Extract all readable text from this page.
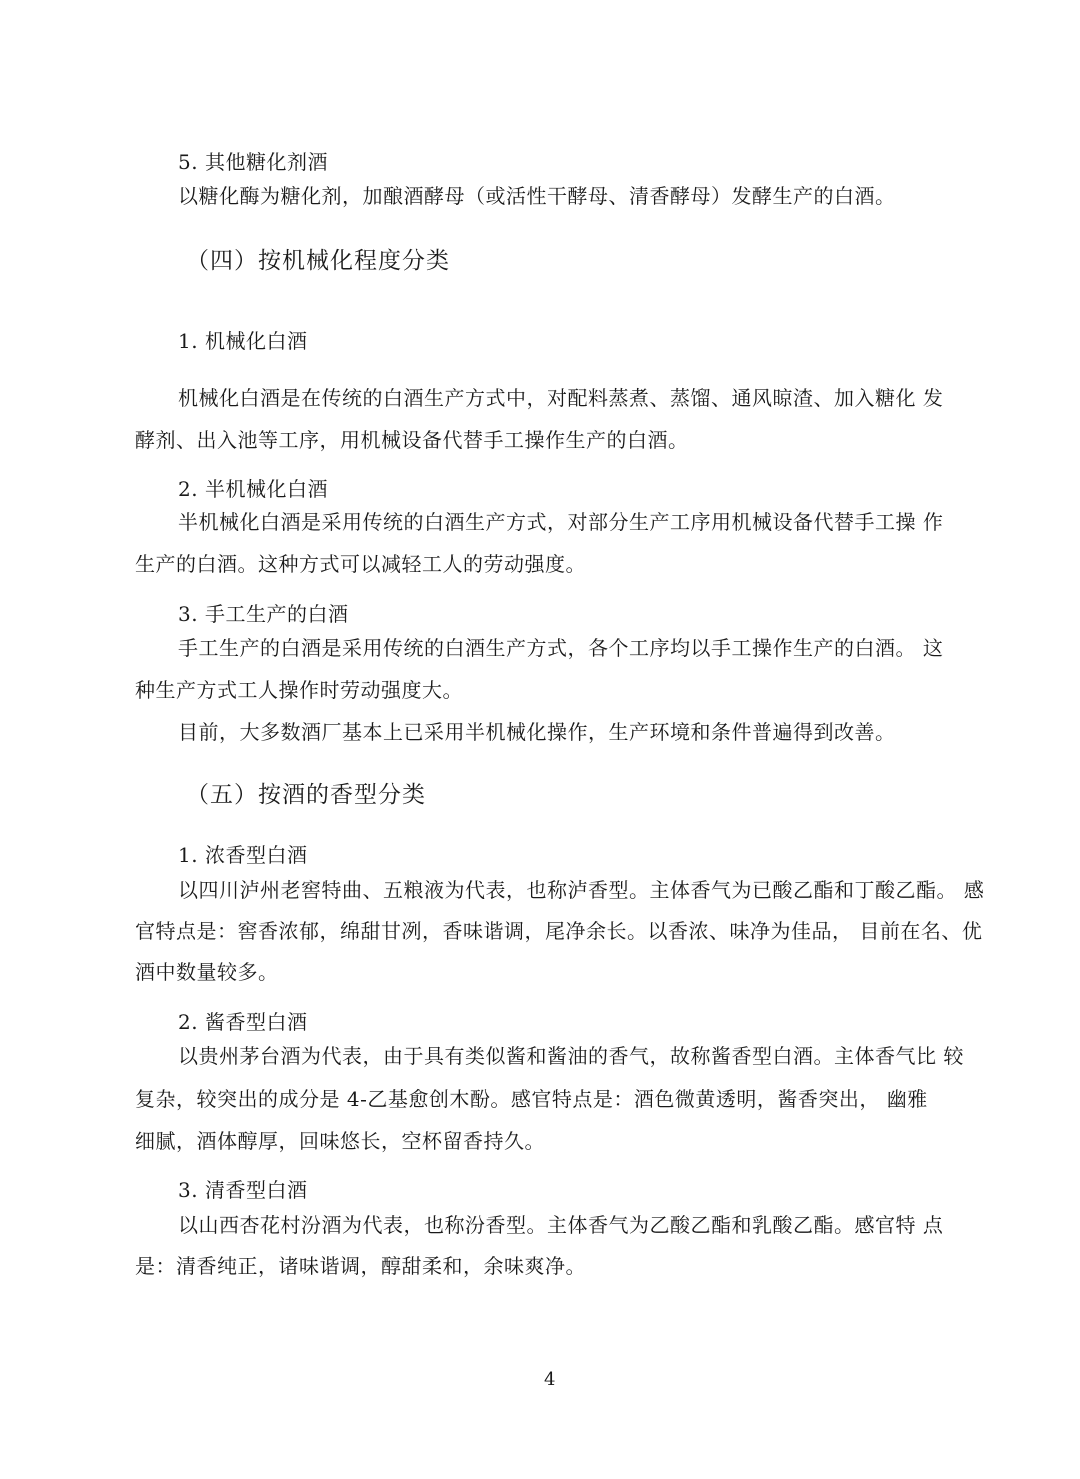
5. 其他糖化剂酒
以糖化酶为糖化剂，加酿酒酵母（或活性干酵母、清香酵母）发酵生产的白酒。
（四）按机械化程度分类
1. 机械化白酒
机械化白酒是在传统的白酒生产方式中，对配料蒸煮、蒸馏、通风晾渣、加入糖化 发
酵剂、出入池等工序，用机械设备代替手工操作生产的白酒。
2. 半机械化白酒
半机械化白酒是采用传统的白酒生产方式，对部分生产工序用机械设备代替手工操 作
生产的白酒。这种方式可以减轻工人的劳动强度。
3. 手工生产的白酒
手工生产的白酒是采用传统的白酒生产方式，各个工序均以手工操作生产的白酒。 这
种生产方式工人操作时劳动强度大。
目前，大多数酒厂基本上已采用半机械化操作，生产环境和条件普遍得到改善。
（五）按酒的香型分类
1. 浓香型白酒
以四川泸州老窖特曲、五粮液为代表，也称泸香型。主体香气为已酸乙酯和丁酸乙酯。 感
官特点是：窖香浓郁，绵甜甘冽，香味谐调，尾净余长。以香浓、味净为佳品， 目前在名、优
酒中数量较多。
2. 酱香型白酒
以贵州茅台酒为代表，由于具有类似酱和酱油的香气，故称酱香型白酒。主体香气比 较
复杂，较突出的成分是 4-乙基愈创木酚。感官特点是：酒色微黄透明，酱香突出， 幽雅
细腻，酒体醇厚，回味悠长，空杯留香持久。
3. 清香型白酒
以山西杏花村汾酒为代表，也称汾香型。主体香气为乙酸乙酯和乳酸乙酯。感官特 点
是：清香纯正，诸味谐调，醇甜柔和，余味爽净。
4
